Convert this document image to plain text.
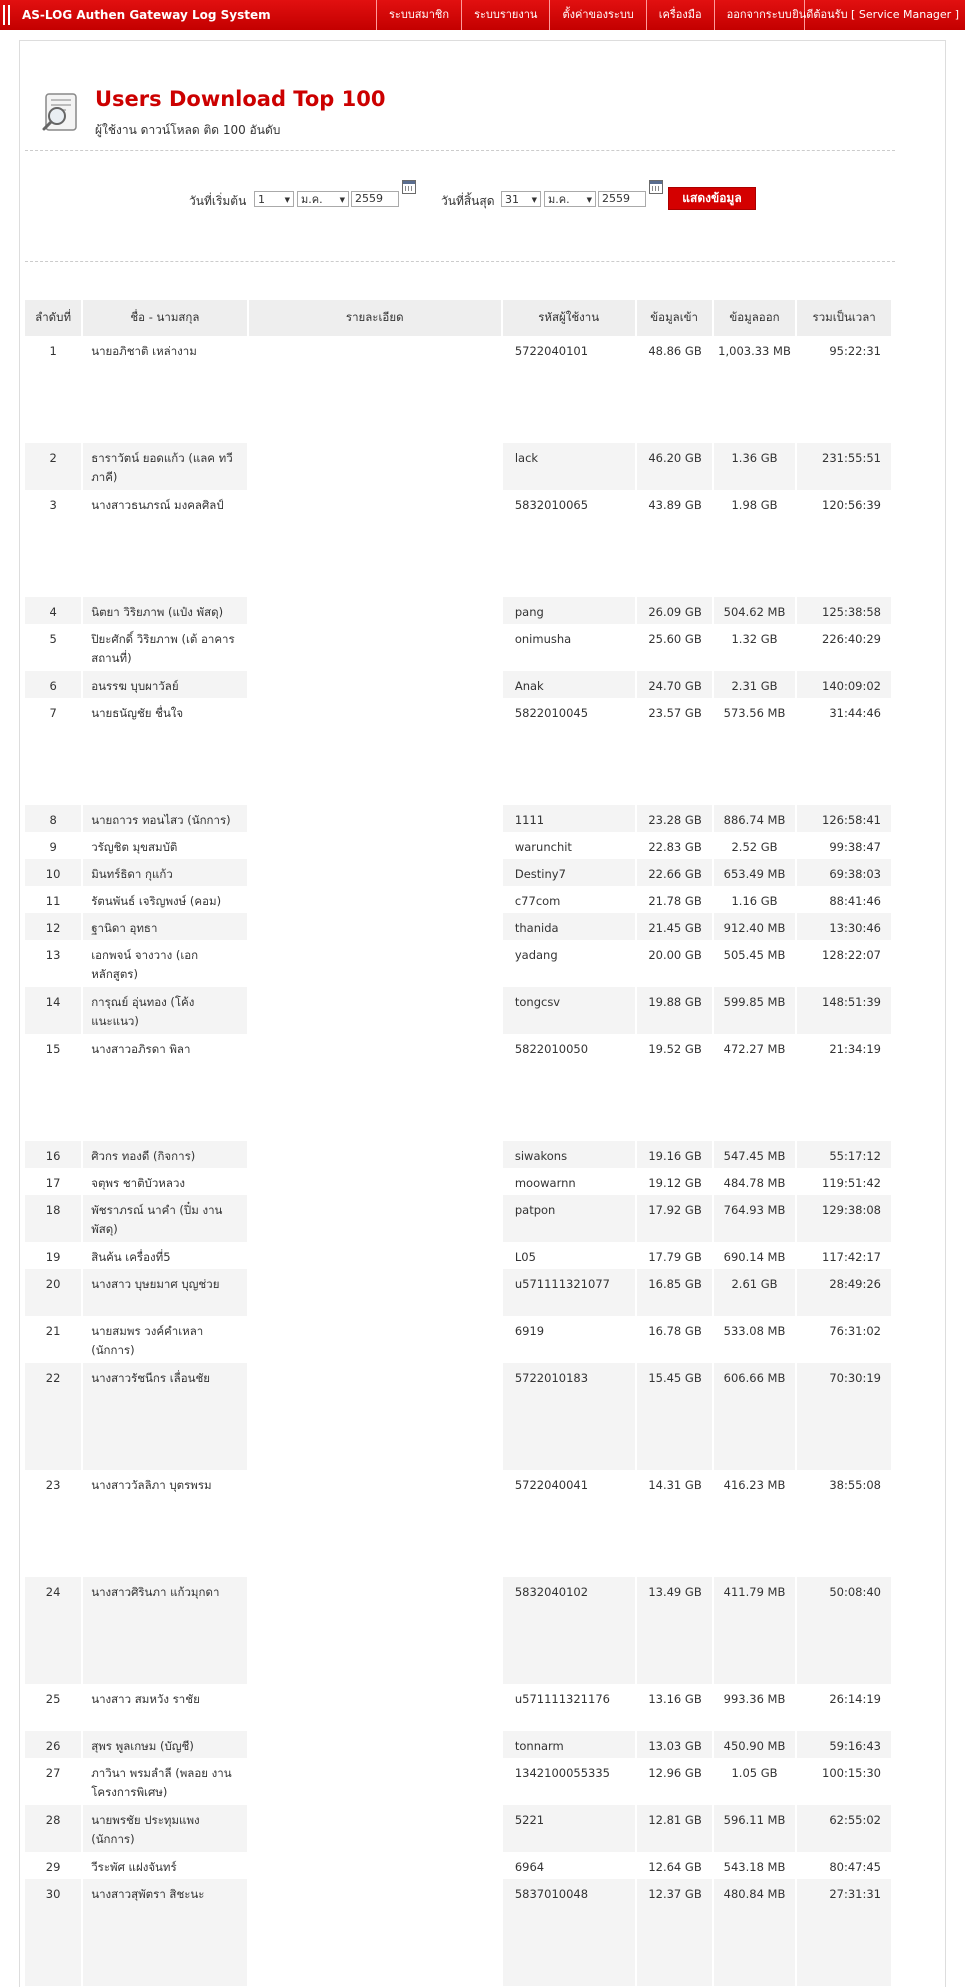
AS-LOG Authen Gateway Log System	ระบบสมาชิก	ระบบรายงาน	ตั้งค่าของระบบ	เครื่องมือ	ออกจากระบบ ยินดีต้อนรับ [ Service Manager ]
Users Download Top 100
ผู้ใช้งาน ดาวน์โหลด ติด 100 อันดับ
วันที่เริ่มต้น	1	▼	ม.ค. ▼ 2559	วันที่สิ้นสุด 31 ▼	ม.ค. ▼ 2559	แสดงข้อมูล
ลำดับที่	ชื่อ - นามสกุล	รายละเอียด	รหัสผู้ใช้งาน	ข้อมูลเข้า	ข้อมูลออก	รวมเป็นเวลา
1	นายอภิชาติ เหล่างาม		5722040101	48.86 GB	1,003.33 MB	95:22:31
2	ธาราวัตน์ ยอดแก้ว (แลค ทวีภาคี)		lack	46.20 GB	1.36 GB	231:55:51
3	นางสาวธนภรณ์ มงคลศิลป์		5832010065	43.89 GB	1.98 GB	120:56:39
4	นิตยา วิริยภาพ (แป๋ง พัสดุ)		pang	26.09 GB	504.62 MB	125:38:58
5	ปิยะศักดิ์ วิริยภาพ (เต้ อาคารสถานที่)		onimusha	25.60 GB	1.32 GB	226:40:29
6	อนรรฆ บุบผาวัลย์		Anak	24.70 GB	2.31 GB	140:09:02
7	นายธนัญชัย ชื่นใจ		5822010045	23.57 GB	573.56 MB	31:44:46
8	นายถาวร ทอนไสว (นักการ)		1111	23.28 GB	886.74 MB	126:58:41
9	วรัญชิต มุขสมบัติ		warunchit	22.83 GB	2.52 GB	99:38:47
10	มินทร์ธิดา กุแก้ว		Destiny7	22.66 GB	653.49 MB	69:38:03
11	รัตนพันธ์ เจริญพงษ์ (คอม)		c77com	21.78 GB	1.16 GB	88:41:46
12	ฐานิดา อุทธา		thanida	21.45 GB	912.40 MB	13:30:46
13	เอกพจน์ จางวาง (เอก หลักสูตร)		yadang	20.00 GB	505.45 MB	128:22:07
14	การุณย์ อุ่นทอง (โค้ง แนะแนว)		tongcsv	19.88 GB	599.85 MB	148:51:39
15	นางสาวอภิรดา พิลา		5822010050	19.52 GB	472.27 MB	21:34:19
16	ศิวกร ทองดี (กิจการ)		siwakons	19.16 GB	547.45 MB	55:17:12
17	จตุพร ชาติบัวหลวง		moowarnn	19.12 GB	484.78 MB	119:51:42
18	พัชราภรณ์ นาคำ (ปิ๋ม งานพัสดุ)		patpon	17.92 GB	764.93 MB	129:38:08
19	สินค้น เครื่องที่5		L05	17.79 GB	690.14 MB	117:42:17
20	นางสาว บุษยมาศ บุญช่วย		u571111321077	16.85 GB	2.61 GB	28:49:26
21	นายสมพร วงค์คำเหลา (นักการ)		6919	16.78 GB	533.08 MB	76:31:02
22	นางสาวรัชนีกร เลื่อนชัย		5722010183	15.45 GB	606.66 MB	70:30:19
23	นางสาววัลลิภา บุตรพรม		5722040041	14.31 GB	416.23 MB	38:55:08
24	นางสาวศิรินภา แก้วมุกดา		5832040102	13.49 GB	411.79 MB	50:08:40
25	นางสาว สมหวัง ราชัย		u571111321176	13.16 GB	993.36 MB	26:14:19
26	สุพร พูลเกษม (บัญชี)		tonnarm	13.03 GB	450.90 MB	59:16:43
27	ภาวินา พรมลำลี (พลอย งานโครงการพิเศษ)		1342100055335	12.96 GB	1.05 GB	100:15:30
28	นายพรชัย ประทุมแพง (นักการ)		5221	12.81 GB	596.11 MB	62:55:02
29	วีระพัศ แฝงจันทร์		6964	12.64 GB	543.18 MB	80:47:45
30	นางสาวสุพัตรา สิชะนะ		5837010048	12.37 GB	480.84 MB	27:31:31
